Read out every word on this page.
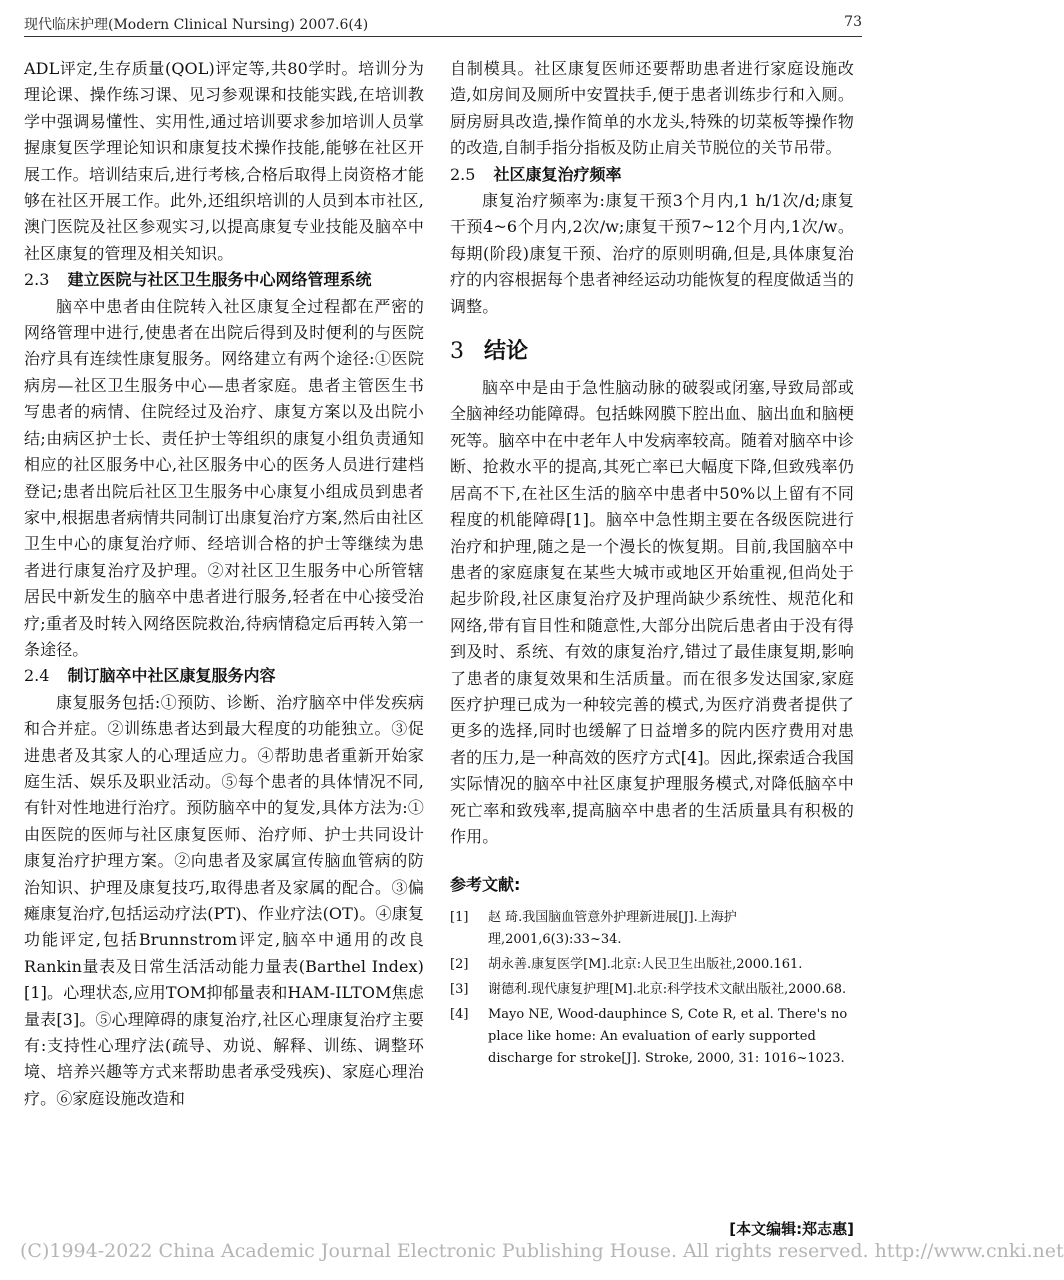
现代临床护理(Modern Clinical Nursing) 2007.6(4)	73

ADL评定,生存质量(QOL)评定等,共80学时。培训分为理论课、操作练习课、见习参观课和技能实践,在培训教学中强调易懂性、实用性,通过培训要求参加培训人员掌握康复医学理论知识和康复技术操作技能,能够在社区开展工作。培训结束后,进行考核,合格后取得上岗资格才能够在社区开展工作。此外,还组织培训的人员到本市社区,澳门医院及社区参观实习,以提高康复专业技能及脑卒中社区康复的管理及相关知识。

2.3 建立医院与社区卫生服务中心网络管理系统

脑卒中患者由住院转入社区康复全过程都在严密的网络管理中进行,使患者在出院后得到及时便利的与医院治疗具有连续性康复服务。网络建立有两个途径:①医院病房—社区卫生服务中心—患者家庭。患者主管医生书写患者的病情、住院经过及治疗、康复方案以及出院小结;由病区护士长、责任护士等组织的康复小组负责通知相应的社区服务中心,社区服务中心的医务人员进行建档登记;患者出院后社区卫生服务中心康复小组成员到患者家中,根据患者病情共同制订出康复治疗方案,然后由社区卫生中心的康复治疗师、经培训合格的护士等继续为患者进行康复治疗及护理。②对社区卫生服务中心所管辖居民中新发生的脑卒中患者进行服务,轻者在中心接受治疗;重者及时转入网络医院救治,待病情稳定后再转入第一条途径。

2.4 制订脑卒中社区康复服务内容

康复服务包括:①预防、诊断、治疗脑卒中伴发疾病和合并症。②训练患者达到最大程度的功能独立。③促进患者及其家人的心理适应力。④帮助患者重新开始家庭生活、娱乐及职业活动。⑤每个患者的具体情况不同,有针对性地进行治疗。预防脑卒中的复发,具体方法为:①由医院的医师与社区康复医师、治疗师、护士共同设计康复治疗护理方案。②向患者及家属宣传脑血管病的防治知识、护理及康复技巧,取得患者及家属的配合。③偏瘫康复治疗,包括运动疗法(PT)、作业疗法(OT)。④康复功能评定,包括Brunnstrom评定,脑卒中通用的改良Rankin量表及日常生活活动能力量表(Barthel Index)[1]。心理状态,应用TOM抑郁量表和HAM-ILTOM焦虑量表[3]。⑤心理障碍的康复治疗,社区心理康复治疗主要有:支持性心理疗法(疏导、劝说、解释、训练、调整环境、培养兴趣等方式来帮助患者承受残疾)、家庭心理治疗。⑥家庭设施改造和

自制模具。社区康复医师还要帮助患者进行家庭设施改造,如房间及厕所中安置扶手,便于患者训练步行和入厕。厨房厨具改造,操作简单的水龙头,特殊的切菜板等操作物的改造,自制手指分指板及防止肩关节脱位的关节吊带。

2.5 社区康复治疗频率

康复治疗频率为:康复干预3个月内,1 h/1次/d;康复干预4~6个月内,2次/w;康复干预7~12个月内,1次/w。每期(阶段)康复干预、治疗的原则明确,但是,具体康复治疗的内容根据每个患者神经运动功能恢复的程度做适当的调整。

3 结论

脑卒中是由于急性脑动脉的破裂或闭塞,导致局部或全脑神经功能障碍。包括蛛网膜下腔出血、脑出血和脑梗死等。脑卒中在中老年人中发病率较高。随着对脑卒中诊断、抢救水平的提高,其死亡率已大幅度下降,但致残率仍居高不下,在社区生活的脑卒中患者中50%以上留有不同程度的机能障碍[1]。脑卒中急性期主要在各级医院进行治疗和护理,随之是一个漫长的恢复期。目前,我国脑卒中患者的家庭康复在某些大城市或地区开始重视,但尚处于起步阶段,社区康复治疗及护理尚缺少系统性、规范化和网络,带有盲目性和随意性,大部分出院后患者由于没有得到及时、系统、有效的康复治疗,错过了最佳康复期,影响了患者的康复效果和生活质量。而在很多发达国家,家庭医疗护理已成为一种较完善的模式,为医疗消费者提供了更多的选择,同时也缓解了日益增多的院内医疗费用对患者的压力,是一种高效的医疗方式[4]。因此,探索适合我国实际情况的脑卒中社区康复护理服务模式,对降低脑卒中死亡率和致残率,提高脑卒中患者的生活质量具有积极的作用。

参考文献:
[1]	赵 琦.我国脑血管意外护理新进展[J].上海护理,2001,6(3):33~34.
[2]	胡永善.康复医学[M].北京:人民卫生出版社,2000.161.
[3]	谢德利.现代康复护理[M].北京:科学技术文献出版社,2000.68.
[4]	Mayo NE, Wood-dauphince S, Cote R, et al. There's no place like home: An evaluation of early supported discharge for stroke[J]. Stroke, 2000, 31: 1016~1023.
[本文编辑:郑志惠]
(C)1994-2022 China Academic Journal Electronic Publishing House. All rights reserved. http://www.cnki.net
